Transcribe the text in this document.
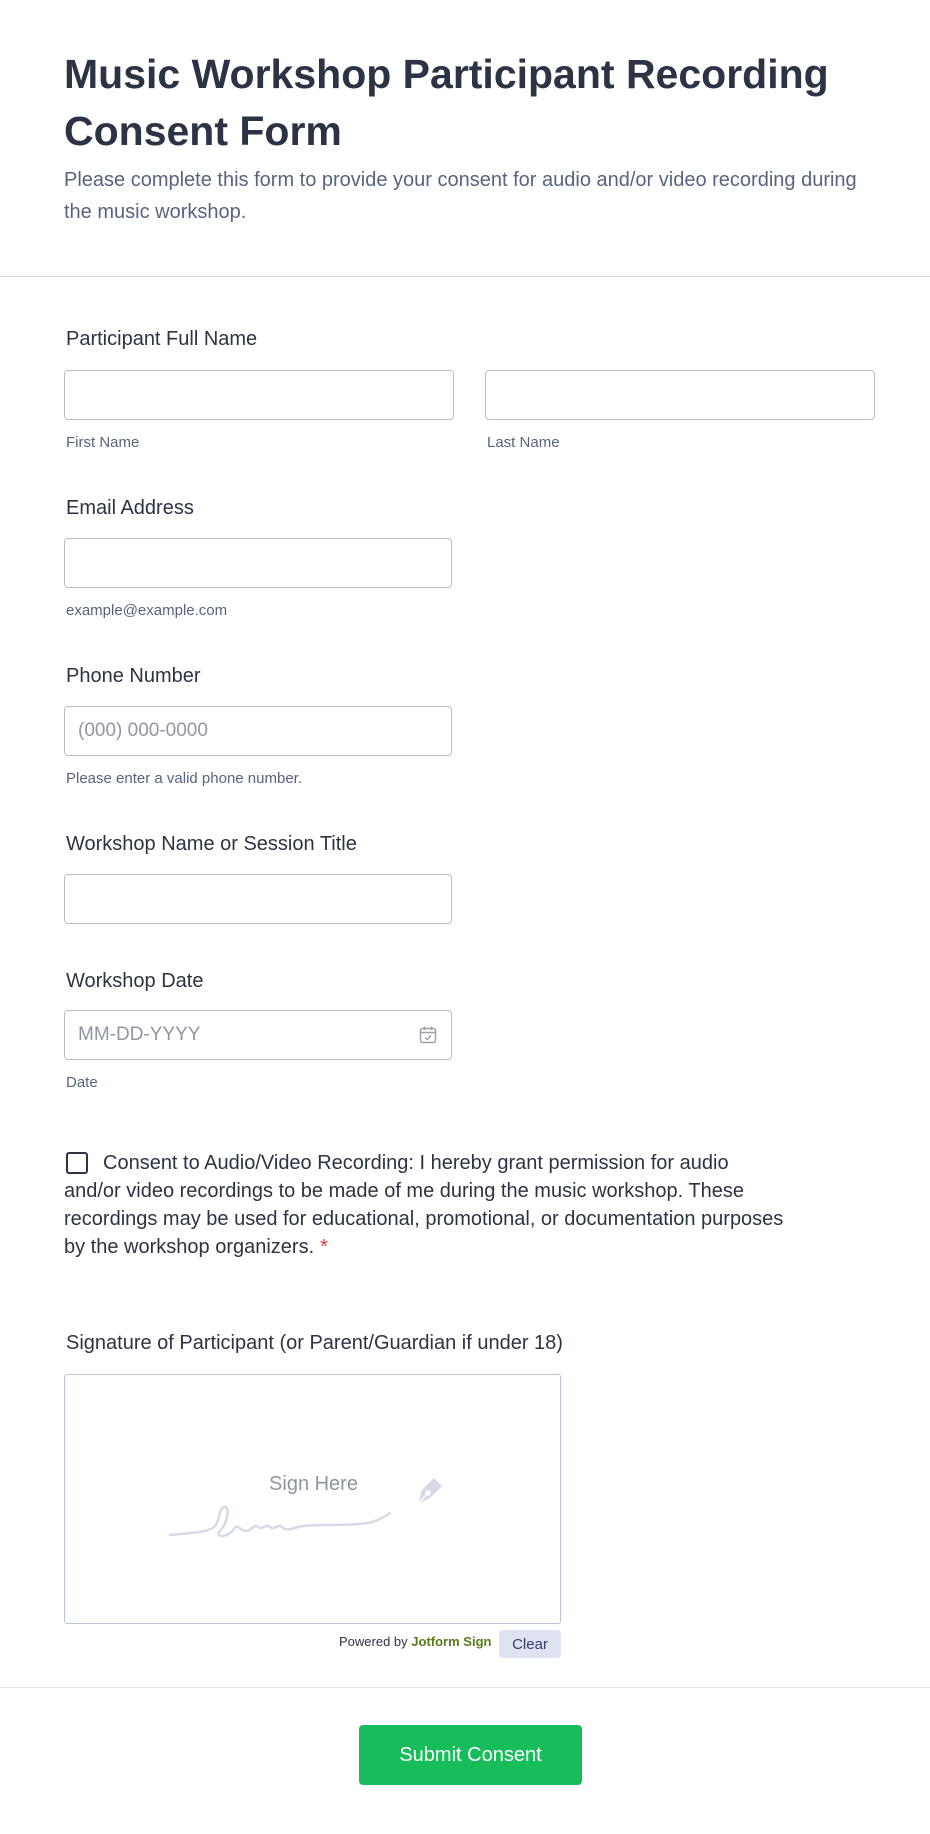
Music Workshop Participant Recording Consent Form

Please complete this form to provide your consent for audio and/or video recording during the music workshop.

Participant Full Name
First Name	Last Name
Email Address
example@example.com
Phone Number
(000) 000-0000
Please enter a valid phone number.
Workshop Name or Session Title
Workshop Date
MM-DD-YYYY
Date

Consent to Audio/Video Recording: I hereby grant permission for audio and/or video recordings to be made of me during the music workshop. These recordings may be used for educational, promotional, or documentation purposes by the workshop organizers. *

Signature of Participant (or Parent/Guardian if under 18)
Sign Here
Powered by Jotform Sign	Clear
Submit Consent
